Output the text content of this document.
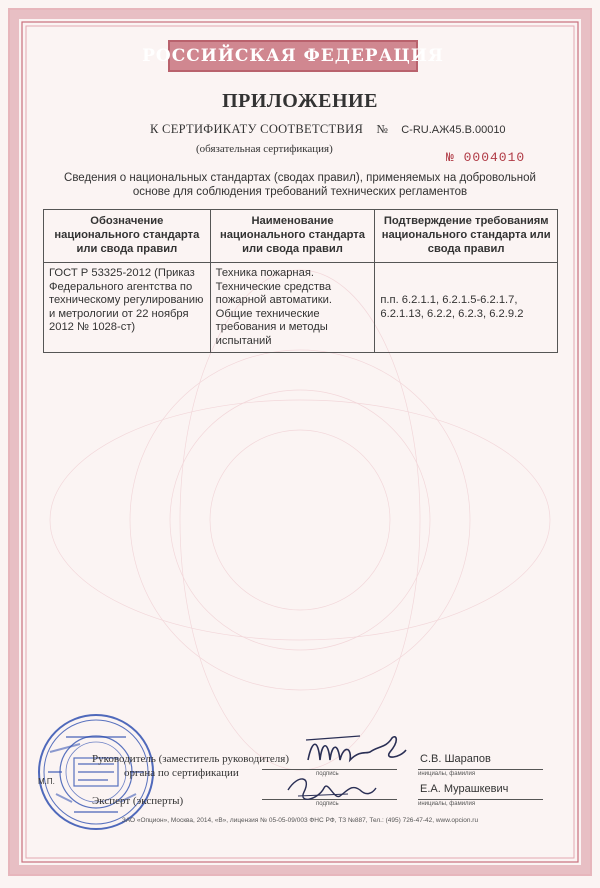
РОССИЙСКАЯ ФЕДЕРАЦИЯ
ПРИЛОЖЕНИЕ
К СЕРТИФИКАТУ СООТВЕТСТВИЯ № C-RU.АЖ45.В.00010
(обязательная сертификация)
№ 0004010
Сведения о национальных стандартах (сводах правил), применяемых на добровольной основе для соблюдения требований технических регламентов
Обозначение национального стандарта или свода правил	Наименование национального стандарта или свода правил	Подтверждение требованиям национального стандарта или свода правил
ГОСТ Р 53325-2012 (Приказ Федерального агентства по техническому регулированию и метрологии от 22 ноября 2012 № 1028-ст)	Техника пожарная. Технические средства пожарной автоматики. Общие технические требования и методы испытаний	п.п. 6.2.1.1, 6.2.1.5-6.2.1.7, 6.2.1.13, 6.2.2, 6.2.3, 6.2.9.2
Руководитель (заместитель руководителя)
органа по сертификации
Эксперт (эксперты)
М.П.
подпись	инициалы, фамилия
С.В. Шарапов
подпись	инициалы, фамилия
Е.А. Мурашкевич
ЗАО «Опцион», Москва, 2014, «В», лицензия № 05-05-09/003 ФНС РФ, ТЗ №887, Тел.: (495) 726-47-42, www.opcion.ru
